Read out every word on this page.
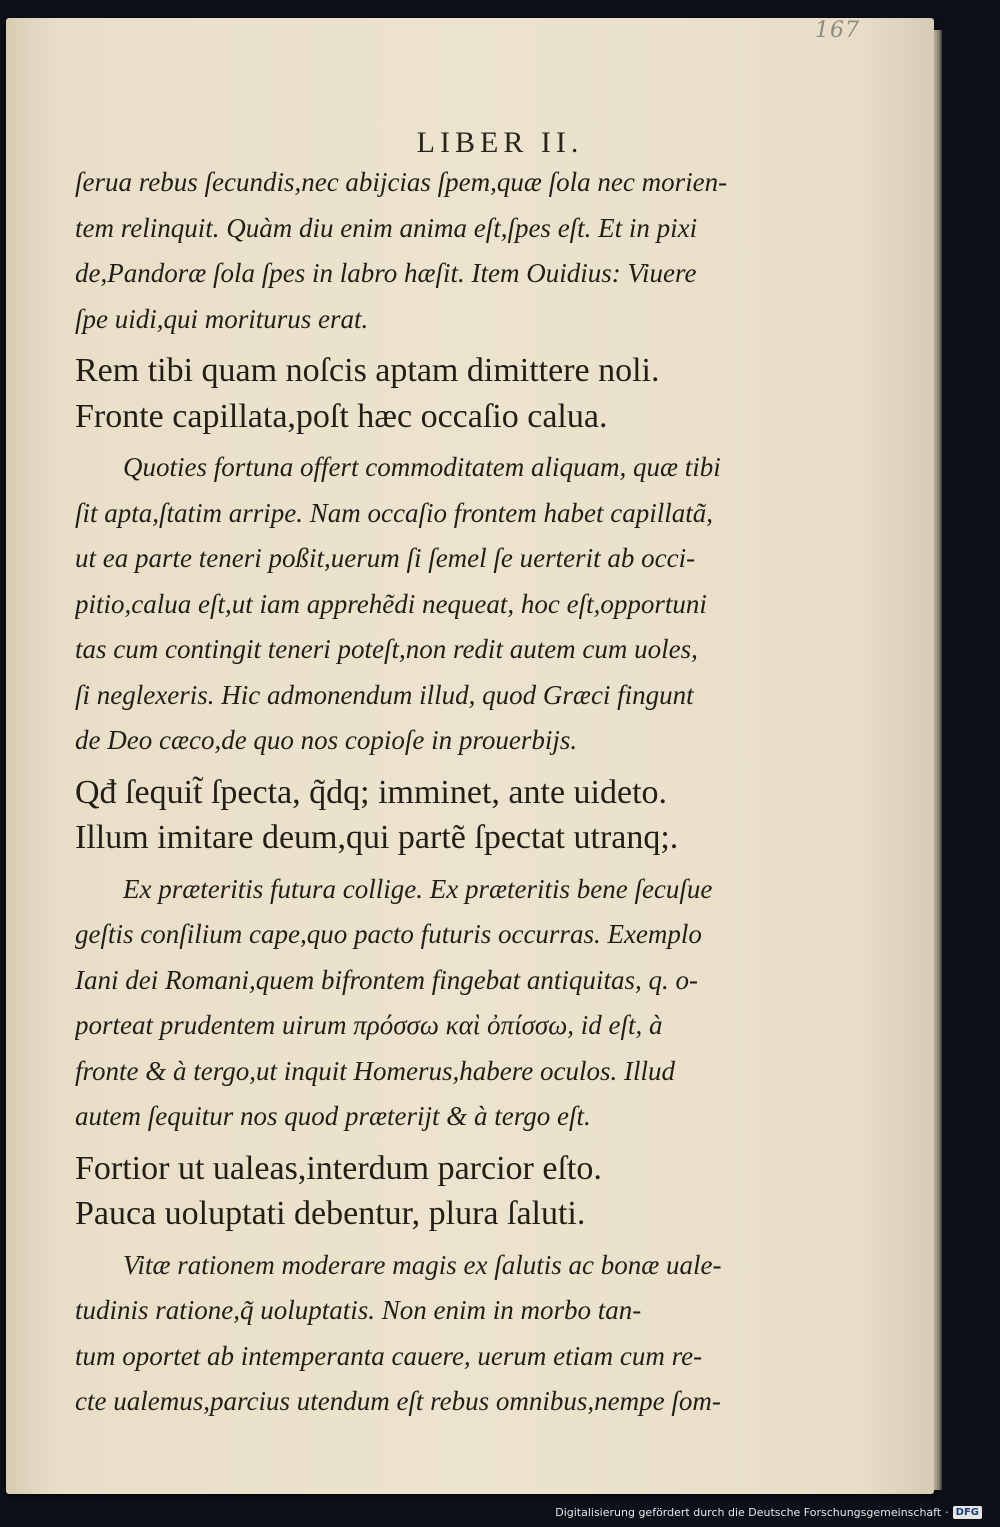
167
LIBER II.
ſerua rebus ſecundis,nec abijcias ſpem,quæ ſola nec morien-
tem relinquit. Quàm diu enim anima eſt,ſpes eſt. Et in pixi
de,Pandoræ ſola ſpes in labro hæſit. Item Ouidius: Viuere
ſpe uidi,qui moriturus erat.
Rem tibi quam noſcis aptam dimittere noli.
Fronte capillata,poſt hæc occaſio calua.
Quoties fortuna offert commoditatem aliquam, quæ tibi
ſit apta,ſtatim arripe. Nam occaſio frontem habet capillatã,
ut ea parte teneri poßit,uerum ſi ſemel ſe uerterit ab occi-
pitio,calua eſt,ut iam apprehẽdi nequeat, hoc eſt,opportuni
tas cum contingit teneri poteſt,non redit autem cum uoles,
ſi neglexeris. Hic admonendum illud, quod Græci fingunt
de Deo cæco,de quo nos copioſe in prouerbijs.
Qđ ſequit̃ ſpecta, q̃dq; imminet, ante uideto.
Illum imitare deum,qui partẽ ſpectat utranq;.
Ex præteritis futura collige. Ex præteritis bene ſecuſue
geſtis conſilium cape,quo pacto futuris occurras. Exemplo
Iani dei Romani,quem bifrontem fingebat antiquitas, q. o-
porteat prudentem uirum πρόσσω καὶ ὀπίσσω, id eſt, à
fronte & à tergo,ut inquit Homerus,habere oculos. Illud
autem ſequitur nos quod præterijt & à tergo eſt.
Fortior ut ualeas,interdum parcior eſto.
Pauca uoluptati debentur, plura ſaluti.
Vitæ rationem moderare magis ex ſalutis ac bonæ uale-
tudinis ratione,q̃ uoluptatis. Non enim in morbo tan-
tum oportet ab intemperanta cauere, uerum etiam cum re-
cte ualemus,parcius utendum eſt rebus omnibus,nempe ſom-
Digitalisierung gefördert durch die Deutsche Forschungsgemeinschaft · DFG
